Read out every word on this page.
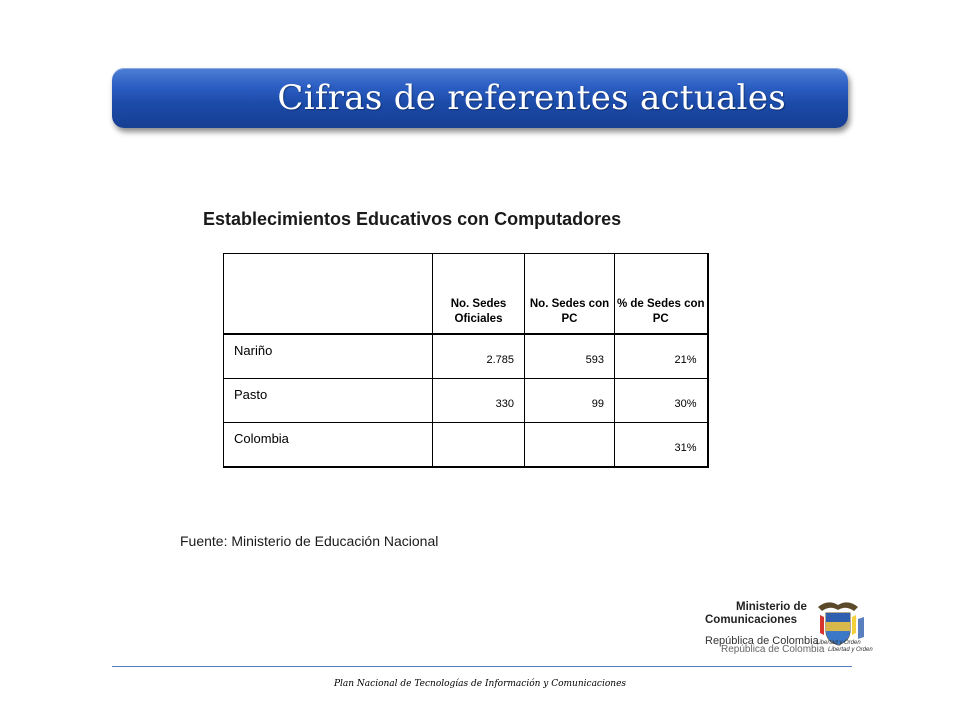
Cifras de referentes actuales
Establecimientos Educativos con Computadores
	No. Sedes Oficiales	No. Sedes con PC	% de Sedes con PC
Nariño	2.785	593	21%
Pasto	330	99	30%
Colombia			31%
Fuente: Ministerio de Educación Nacional
Ministerio de
Comunicaciones
República de Colombia
República de Colombia
Libertad y Orden
Libertad y Orden
Plan Nacional de Tecnologías de Información y Comunicaciones
